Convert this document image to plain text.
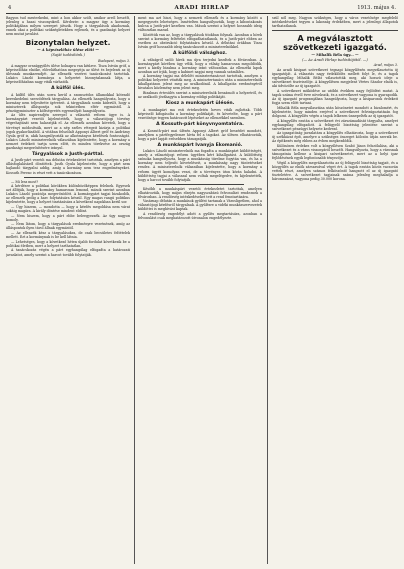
4	ARADI HIRLAP	1913. május 4.

Bagyon tud mesterkedni, mint a hon akkor szólt, amikor arról beszélt, jelenleg a hazai viszonyokról. Kérdezte: a magyar ügy a kormány politikájában milyen szerepet játszik. Hogy a tárgyalások akadoznak, ennek okai a politikai szükségletekben rejlenek, és a gazdasági helyzet nem mutat javulást.

Bizonytalan helyzet.
— A képviselőház ülése előtt —
(Saját tudósítónk.)
Budapest, május 3.

A magyar országgyűlés ülése holnapra van kitűzve. Tisza István gróf, a képviselőház elnöke, előreláthatóan megnyitja az ülést és bejelenti az új ülésszak munkarendjét. Az ellenzék vezérei tanácskozást tartottak. Lukács László kormánya a helyzetet bizonytalannak látja, a képviselőházban nagy viták várhatók.

A külföl ülés.

A külföl ülés után sorra kerül a szomszédos államokkal kötendő kereskedelmi szerződések tárgyalása. Az ellenzék hangsúlyozta, hogy a kormány nem teljesítette ígéreteit. A tárgyalások során kiderült, hogy a miniszterek álláspontja sok tekintetben eltér egymástól. A pénzügyminiszter a költségvetés egyensúlyát hangsúlyozta.

Az ülés napirendjén szerepel a választói reform ügye is. A kormánypárt vezetői kijelentették, hogy a választójogi törvény végrehajtását nem halasztják el. Az ellenzék azonban követeli, hogy a törvényt módosítsák, mert az a nép széles rétegeit kizárja a politikai jogok gyakorlásából. A vitában felszólalt Apponyi Albert gróf és Andrássy Gyula gróf is, akik hangsúlyozták az alkotmányos kérdések fontosságát. Lukács László miniszterelnök válaszában kijelentette, hogy a kormány a nemzet érdekeit tartja szem előtt, és minden törekvése az ország gazdasági megerősítésére irányul.

Tárgyalások a Justh-párttal.

A Justh-párt vezetői ma délután értekezletet tartottak, amelyen a párt állásfoglalásáról döntöttek. Justh Gyula kijelentette, hogy a párt nem hajlandó tárgyalni addig, amíg a kormány nem tesz engedményeket. Kossuth Ferenc is részt vett a tanácskozáson.

— Mi lesz most?

A kérdésre a politikai körökben különbözőképpen felelnek. Egyesek azt állítják, hogy a kormány hamarosan lemond, mások szerint azonban Lukács László pozíciója megerősödött. A kormánypárt tagjai bizakodók, az ellenzék pedig a harc folytatására készül. Egy magas rangú politikus kijelentette, hogy a helyzet tisztázására a következő napokban kerül sor.

— Úgy hiszem, — mondotta — hogy a kérdés megoldása nem várat sokáig magára. A király döntése mindent eldönt.

— Nem hiszem, hogy a párt ebbe beleegyezzék. Az ügy nagyon komoly.

— Nem látom, hogy a tárgyalások eredményre vezetnének, amíg az álláspontok ilyen távol állnak egymástól.

— Az ellenzék kész a tárgyalásokra, de csak becsületes feltételek mellett. Ezt a kormánynak is be kell látnia.

— Lehetséges, hogy a következő héten újabb fordulat következik be a politikai életben, mert a helyzet tarthatatlan.

A tanácskozás végén a párt egyhangúlag elfogadta a határozati javaslatot, amely szerint a harcot tovább folytatják.

ment ma azt hiszi, hogy a nemzeti ellenzék és a kormány között a megegyezés lehetséges. Ismételten hangsúlyozták, hogy a kibontakozás kulcsa a Justh-párt kezében van. Mások szerint a helyzet hosszabb ideig változatlan marad.

Közöttük van az, hogy a tárgyalások titokban folynak. Azonban a hírek szerint a kormány feltételei elfogadhatatlanok, és a Justh-párt ebben az esetben az obstrukció folytatására készül. A délutáni órákban Tisza István gróf hosszabb ideig tanácskozott a miniszterelnökkel.

A külföldi válsághoz.

A válságról szóló hírek ma újra terjedni kezdtek a fővárosban. A kormánypárt körében úgy vélik, hogy a válság hamarosan megoldódik, mert a király bizalma a kormány iránt változatlan. Az ellenzéki lapok azonban azt írják, hogy a kabinet napjai meg vannak számlálva.

A kormány tagjai ma délelőtt minisztertanácsot tartottak, amelyen a politikai helyzetet vitatták meg. A minisztertanács után a miniszterelnök kihallgatáson jelent meg az uralkodónál. A kihallgatás eredményéről hivatalos közlemény nem jelent meg.

Bizalmas értesülés szerint a miniszterelnök beszámolt a helyzetről, és az uralkodó jóváhagyta a kormány eddigi politikáját.

Kiosz a munkapárt ülésén.

A munkapárt ma esti értekezletén heves viták zajlottak. Több képviselő kifogásolta a kormány politikáját, és követelte, hogy a párt vezetősége tegyen határozott lépéseket az ellenzékkel szemben.

A Kossuth-párt könyvnyomtatóra.

A Kossuth-párt mai ülésén Apponyi Albert gróf beszédet mondott, amelyben a pártfegyelemre hívta fel a tagokat. Az ülésen elhatározták, hogy a párt lapját erősebben támogatják.

A munkáspárt Ivanyja Ekomanió.

Lukács László miniszterelnök ma fogadta a munkáspárt küldöttségét, amely a választójogi reform ügyében kért kihallgatást. A küldöttség szónoka hangsúlyozta, hogy a munkásság türelme fogytán van, és ha a kormány nem teljesíti követeléseit, a munkásság nagy tüntetéseket rendez. A miniszterelnök válaszában kijelentette, hogy a kormány a reform ügyét komolyan veszi, de a törvényes úton kíván haladni. A küldöttség tagjai a válasszal nem voltak megelégedve, és kijelentették, hogy a harcot tovább folytatják.

Később a munkáspárt vezetői értekezletet tartottak, amelyen elhatározták, hogy május elsején nagyszabású felvonulást rendeznek a fővárosban. A rendőrség intézkedéseket tett a rend fenntartására.

Vasárnap délután a munkások gyűlést tartanak a Városligetben, ahol a választójogi kérdésről tárgyalnak. A gyűlésre a vidéki munkásszervezetek küldöttei is meghívást kaptak.

A rendőrség engedélyt adott a gyűlés megtartására, azonban a felvonulást csak meghatározott útvonalon engedélyezte.

szül nől meg. Nagyon szükséges, hogy a város vezetősége megfelelő intézkedéseket tegyen a lakosság érdekében, mert a jelenlegi állapotok tarthatatlanok.

A megválasztott szövetkezeti igazgató.
— Mihalik Béla úgy... —
(— Az Aradi Hirlap tudósítójától. —)
Arad, május 3.

Az aradi kisipari szövetkezet tegnapi közgyűlésén megválasztotta új igazgatóját. A választás nagy érdeklődés mellett folyt le, és a tagok egyhangúlag Mihalik Bélát választották meg, aki hosszú ideje a szövetkezet tisztviselője. A közgyűlésen megjelent Vértes Sándor elnök is, aki üdvözölte az új igazgatót.

A szövetkezet működése az utóbbi években nagy fejlődést mutat. A tagok száma évről évre növekszik, és a szövetkezet vagyona is gyarapodik. Az új igazgató programjában hangsúlyozta, hogy a kisiparosok érdekeit fogja szem előtt tartani.

Mihalik Béla megválasztása után köszönetet mondott a bizalomért, és kijelentette, hogy minden erejével a szövetkezet felvirágoztatásán fog dolgozni. A közgyűlés végén a tagok lelkesen ünnepelték az új igazgatót.

A közgyűlés ezután a szövetkezet évi zárszámadását tárgyalta, amelyet egyhangúlag elfogadott. A felügyelő bizottság jelentése szerint a szövetkezet pénzügyi helyzete kedvező.

Az igazgatóság javaslatára a közgyűlés elhatározta, hogy a szövetkezet új székházat épít, amelyre a szükséges összeget kölcsön útján szerzik be. Az építkezés még ebben az évben megkezdődik.

Különösen érdekes volt a közgyűlésen Szabó János felszólalása, aki a szövetkezet és a város viszonyáról beszélt. Hangsúlyozta, hogy a városnak támogatnia kellene a kisipari szövetkezetet, mert az a helyi ipar fejlődésének egyik legfontosabb tényezője.

Végül a közgyűlés megválasztotta az új felügyelő bizottság tagjait, és a közgyűlés az elnök zárszavával véget ért. A tagok ezután közös vacsorán vettek részt, amelyen számos felköszöntő hangzott el az új igazgató tiszteletére. A szövetkezet tagjainak száma jelenleg meghaladja a háromszázat, vagyona pedig 30.000 korona.
